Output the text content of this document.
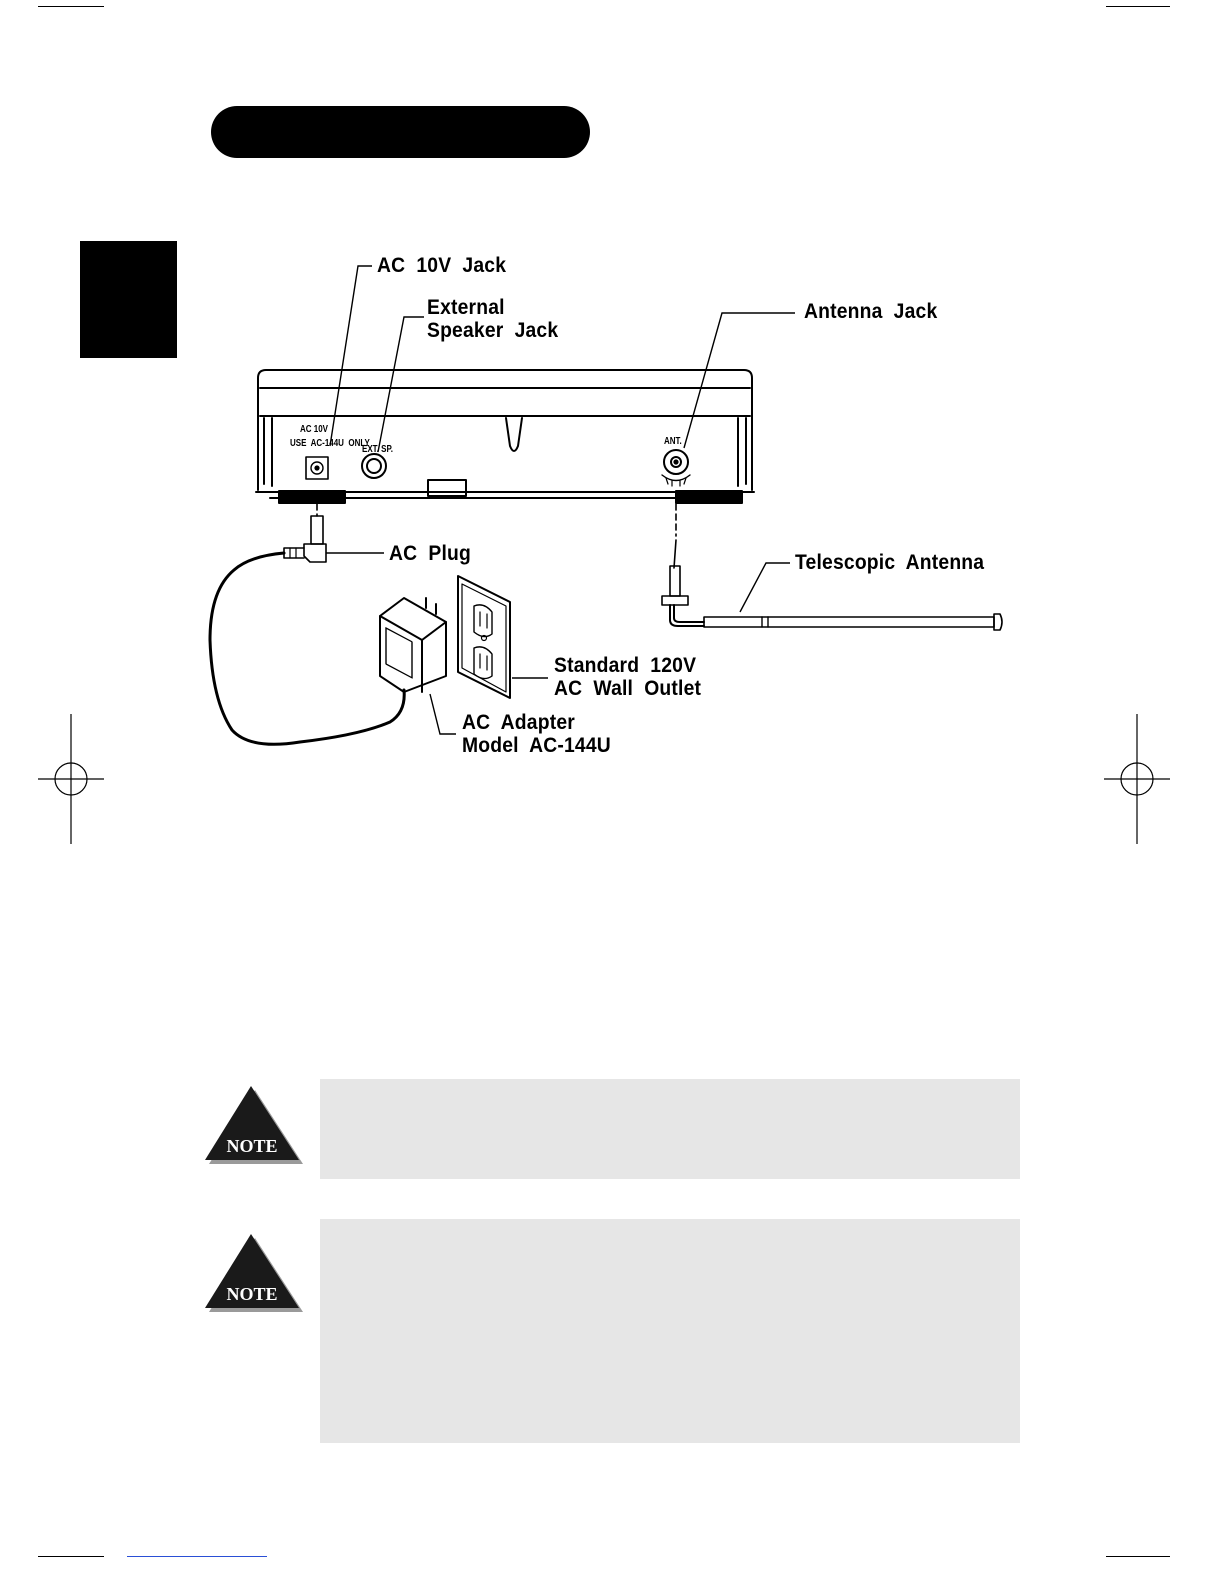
AC 10V
USE  AC-144U  ONLY
EXT. SP.
ANT.
AC  10V  Jack
External
Speaker  Jack
Antenna  Jack
AC  Plug	Telescopic  Antenna
Standard  120V
AC  Wall  Outlet
AC  Adapter
Model  AC-144U
NOTE
NOTE
